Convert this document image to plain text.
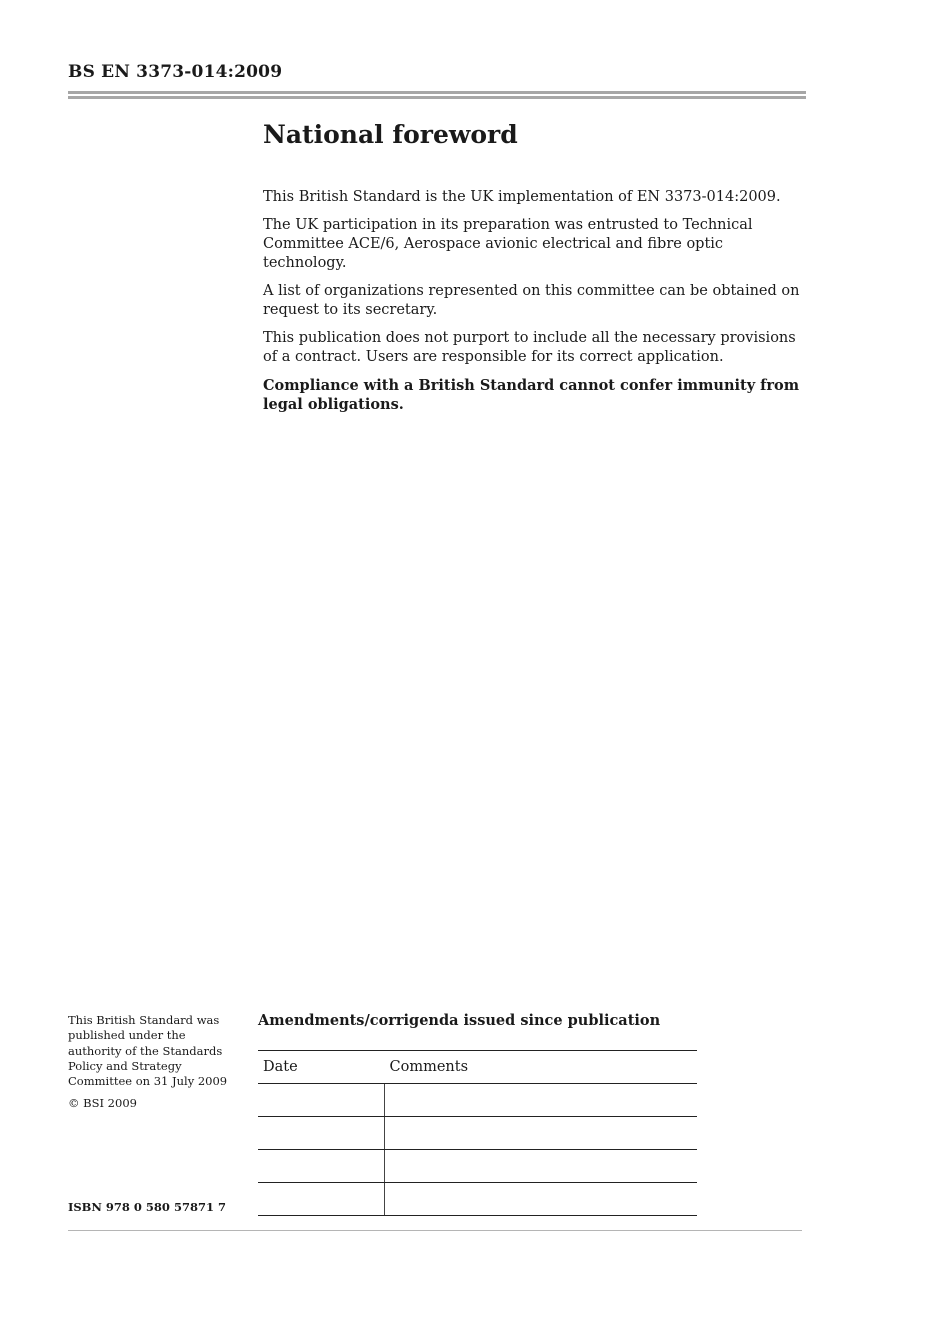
BS EN 3373-014:2009
National foreword

This British Standard is the UK implementation of EN 3373-014:2009.

The UK participation in its preparation was entrusted to Technical Committee ACE/6, Aerospace avionic electrical and fibre optic technology.

A list of organizations represented on this committee can be obtained on request to its secretary.

This publication does not purport to include all the necessary provisions of a contract. Users are responsible for its correct application.

Compliance with a British Standard cannot confer immunity from legal obligations.

This British Standard was published under the authority of the Standards Policy and Strategy Committee on 31 July 2009

© BSI 2009

ISBN 978 0 580 57871 7
Amendments/corrigenda issued since publication
Date	Comments
